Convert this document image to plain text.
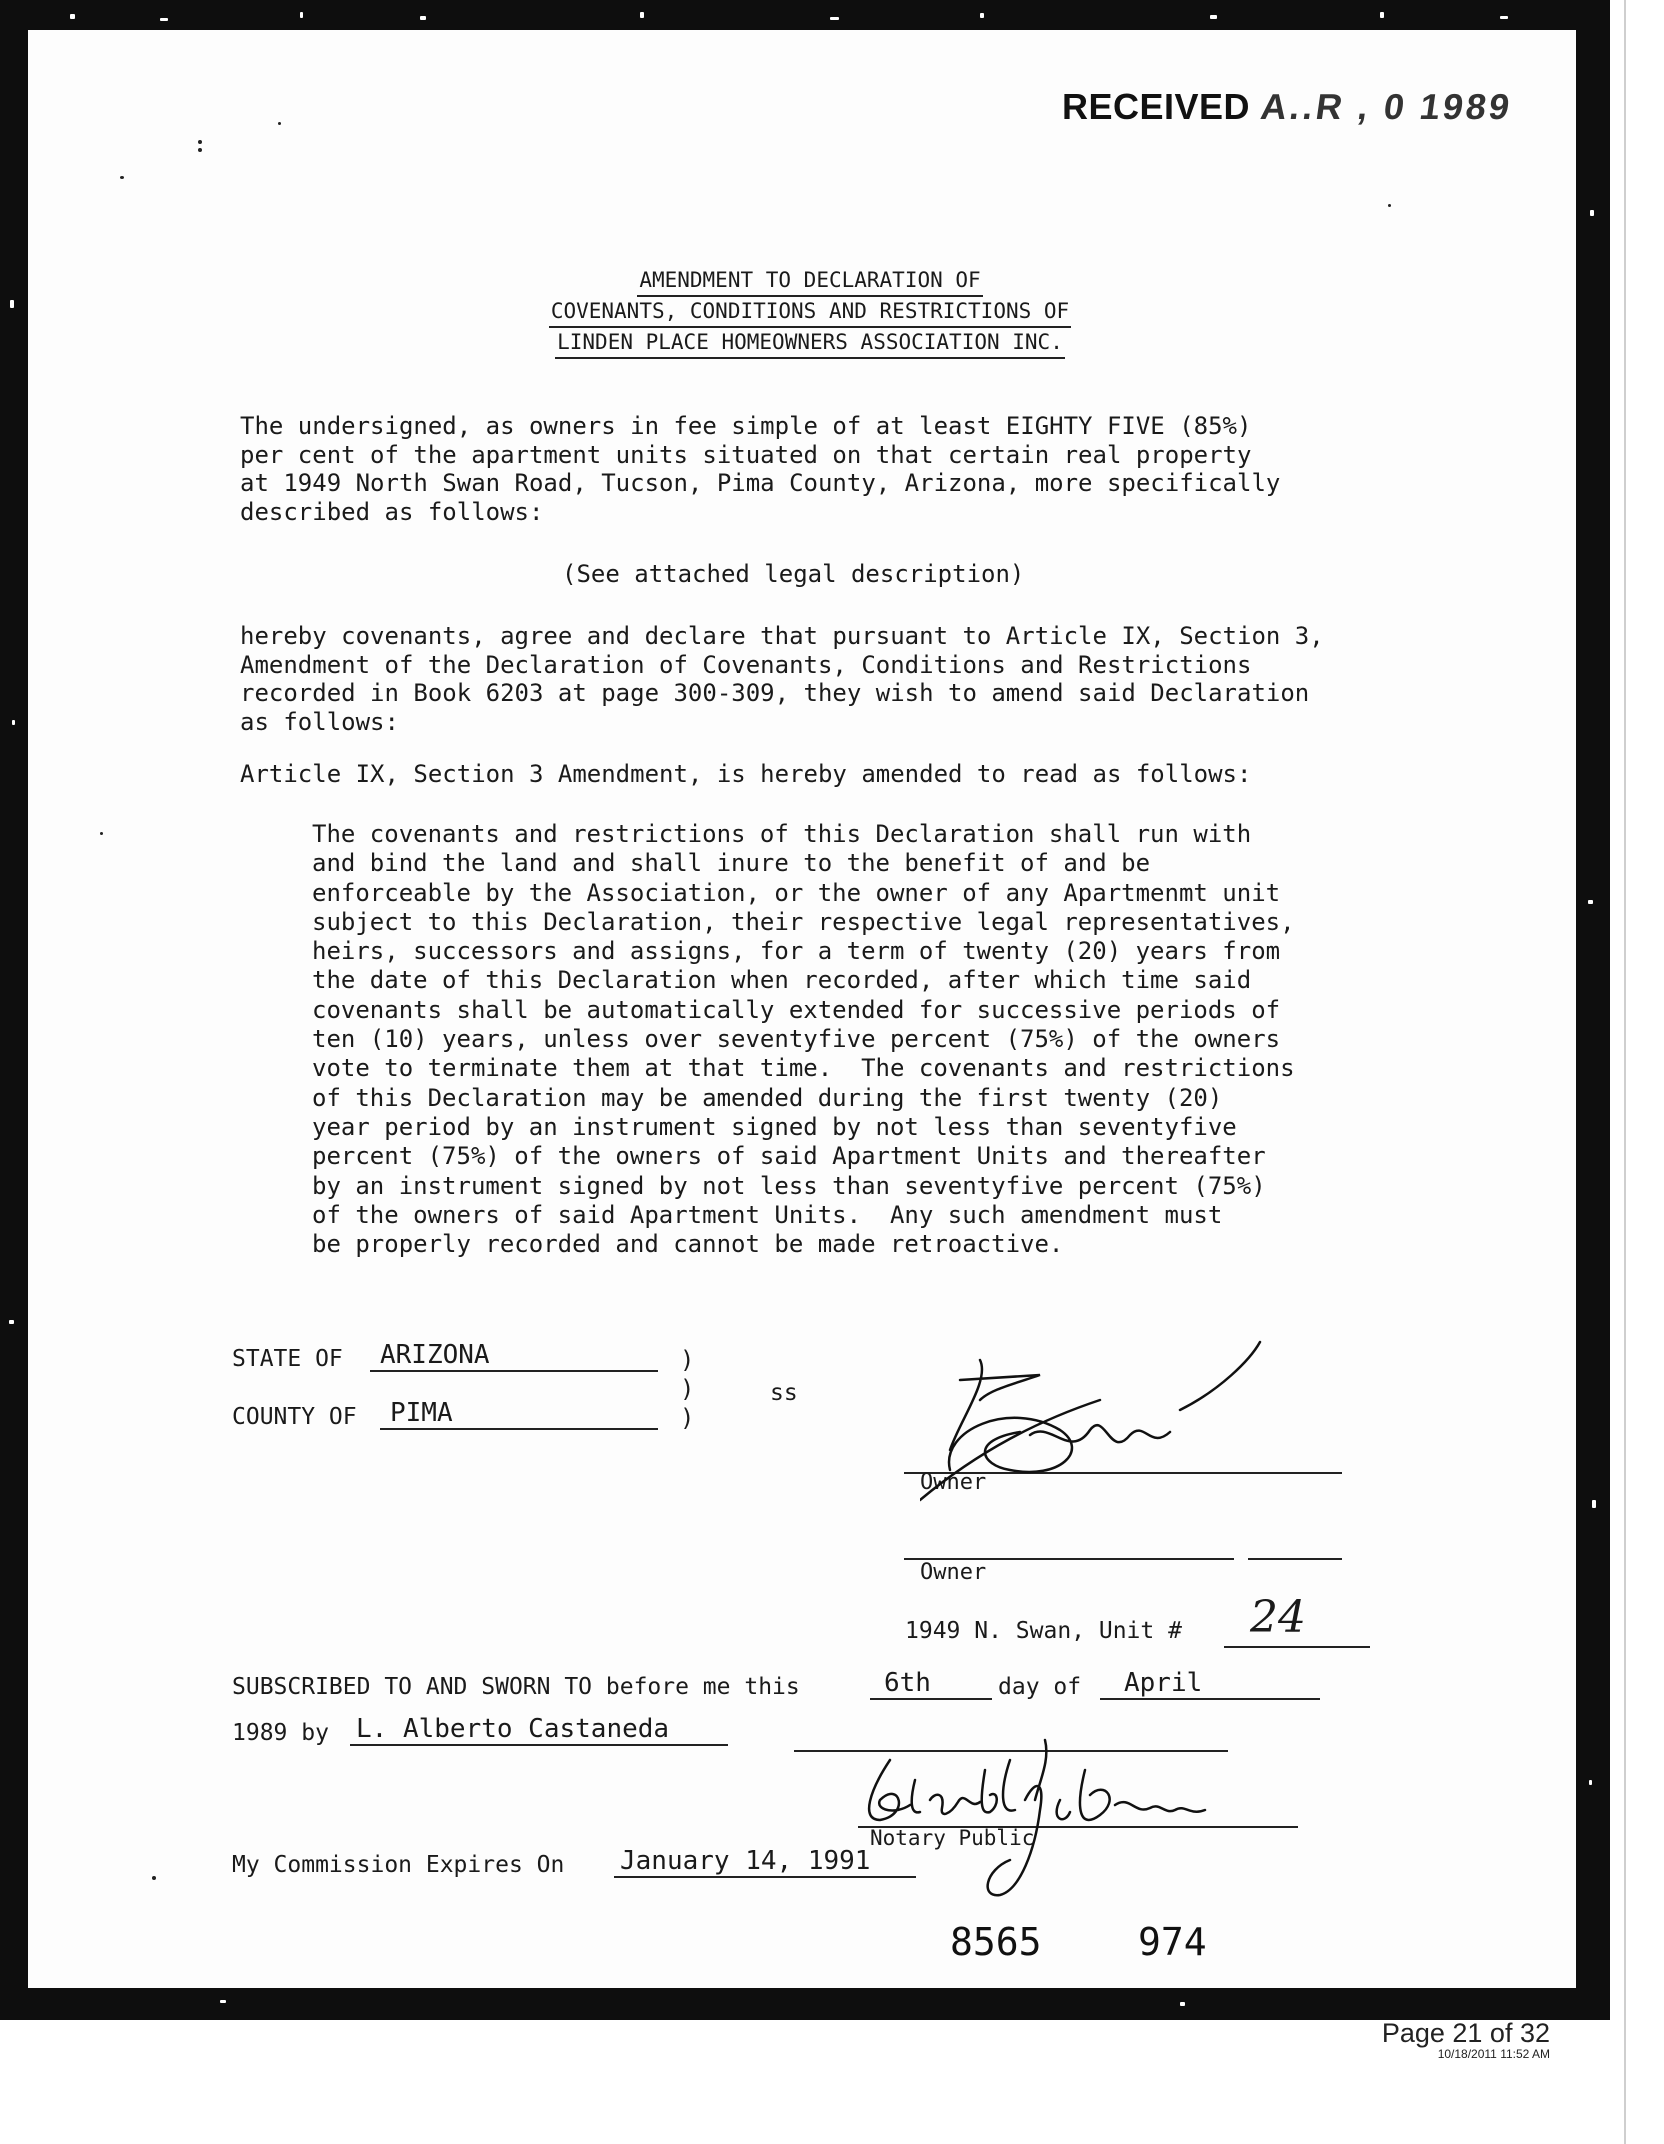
RECEIVED A..R , 0 1989
AMENDMENT TO DECLARATION OF
COVENANTS, CONDITIONS AND RESTRICTIONS OF
LINDEN PLACE HOMEOWNERS ASSOCIATION INC.
The undersigned, as owners in fee simple of at least EIGHTY FIVE (85%)
per cent of the apartment units situated on that certain real property
at 1949 North Swan Road, Tucson, Pima County, Arizona, more specifically
described as follows:
(See attached legal description)
hereby covenants, agree and declare that pursuant to Article IX, Section 3,
Amendment of the Declaration of Covenants, Conditions and Restrictions
recorded in Book 6203 at page 300-309, they wish to amend said Declaration
as follows:
Article IX, Section 3 Amendment, is hereby amended to read as follows:
The covenants and restrictions of this Declaration shall run with
and bind the land and shall inure to the benefit of and be
enforceable by the Association, or the owner of any Apartmenmt unit
subject to this Declaration, their respective legal representatives,
heirs, successors and assigns, for a term of twenty (20) years from
the date of this Declaration when recorded, after which time said
covenants shall be automatically extended for successive periods of
ten (10) years, unless over seventyfive percent (75%) of the owners
vote to terminate them at that time.  The covenants and restrictions
of this Declaration may be amended during the first twenty (20)
year period by an instrument signed by not less than seventyfive
percent (75%) of the owners of said Apartment Units and thereafter
by an instrument signed by not less than seventyfive percent (75%)
of the owners of said Apartment Units.  Any such amendment must
be properly recorded and cannot be made retroactive.
STATE OF	ARIZONA
COUNTY OF	PIMA
)
)
)
ss
Owner
Owner
1949 N. Swan, Unit # 24
SUBSCRIBED TO AND SWORN TO before me this	6th	day of	April
1989 by L. Alberto Castaneda
Notary Public
My Commission Expires On January 14, 1991
8565	974
Page 21 of 32
10/18/2011 11:52 AM
